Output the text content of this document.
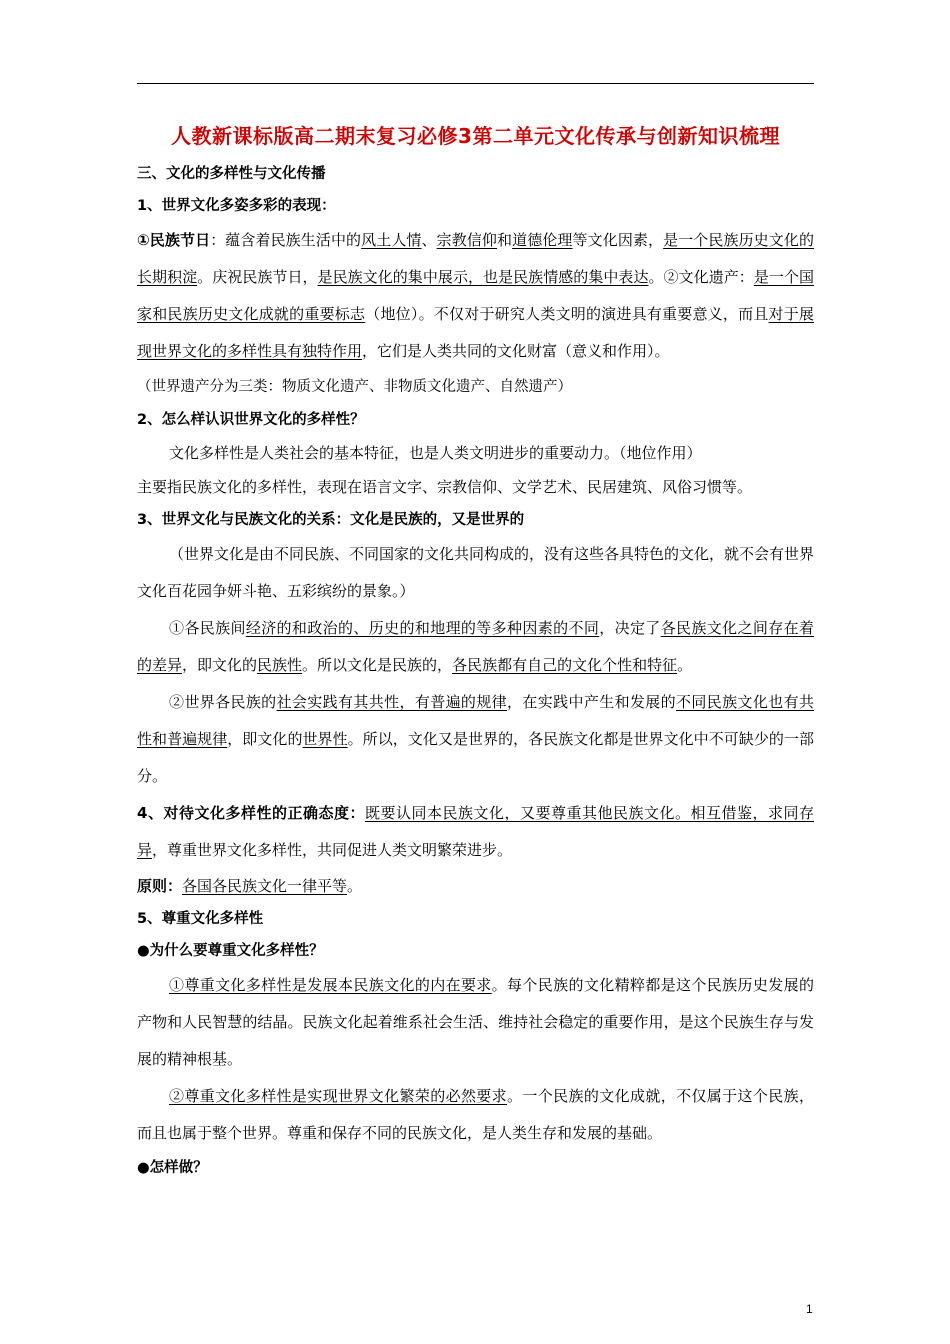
人教新课标版高二期末复习必修3第二单元文化传承与创新知识梳理
三、文化的多样性与文化传播
1、世界文化多姿多彩的表现：
①民族节日：蕴含着民族生活中的风土人情、宗教信仰和道德伦理等文化因素，是一个民族历史文化的长期积淀。庆祝民族节日，是民族文化的集中展示，也是民族情感的集中表达。②文化遗产：是一个国家和民族历史文化成就的重要标志（地位）。不仅对于研究人类文明的演进具有重要意义，而且对于展现世界文化的多样性具有独特作用，它们是人类共同的文化财富（意义和作用）。
（世界遗产分为三类：物质文化遗产、非物质文化遗产、自然遗产）
2、怎么样认识世界文化的多样性？
文化多样性是人类社会的基本特征，也是人类文明进步的重要动力。（地位作用）
主要指民族文化的多样性，表现在语言文字、宗教信仰、文学艺术、民居建筑、风俗习惯等。
3、世界文化与民族文化的关系：文化是民族的，又是世界的
（世界文化是由不同民族、不同国家的文化共同构成的，没有这些各具特色的文化，就不会有世界文化百花园争妍斗艳、五彩缤纷的景象。）
①各民族间经济的和政治的、历史的和地理的等多种因素的不同，决定了各民族文化之间存在着的差异，即文化的民族性。所以文化是民族的，各民族都有自己的文化个性和特征。
②世界各民族的社会实践有其共性，有普遍的规律，在实践中产生和发展的不同民族文化也有共性和普遍规律，即文化的世界性。所以，文化又是世界的，各民族文化都是世界文化中不可缺少的一部分。
4、对待文化多样性的正确态度：既要认同本民族文化，又要尊重其他民族文化。相互借鉴，求同存异，尊重世界文化多样性，共同促进人类文明繁荣进步。
原则：各国各民族文化一律平等。
5、尊重文化多样性
●为什么要尊重文化多样性？
①尊重文化多样性是发展本民族文化的内在要求。每个民族的文化精粹都是这个民族历史发展的产物和人民智慧的结晶。民族文化起着维系社会生活、维持社会稳定的重要作用，是这个民族生存与发展的精神根基。
②尊重文化多样性是实现世界文化繁荣的必然要求。一个民族的文化成就，不仅属于这个民族，而且也属于整个世界。尊重和保存不同的民族文化，是人类生存和发展的基础。
●怎样做？
1
